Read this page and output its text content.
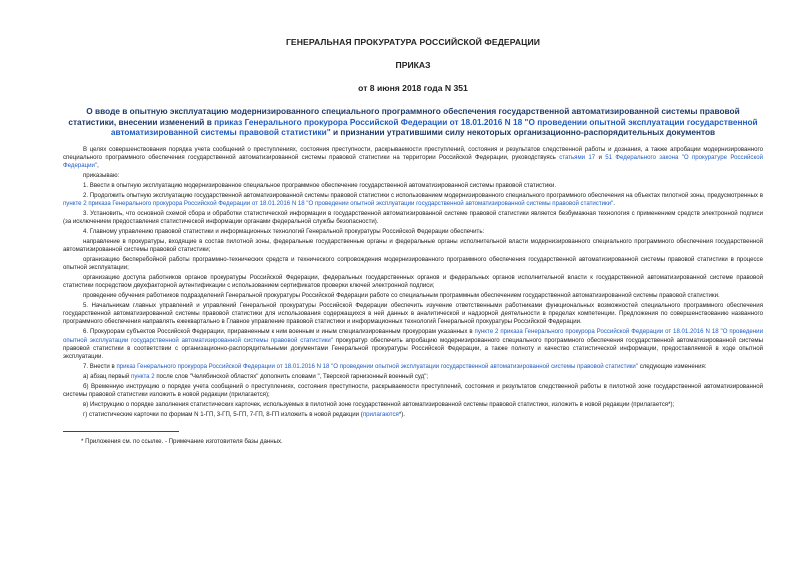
ГЕНЕРАЛЬНАЯ ПРОКУРАТУРА РОССИЙСКОЙ ФЕДЕРАЦИИ
ПРИКАЗ
от 8 июня 2018 года N 351
О вводе в опытную эксплуатацию модернизированного специального программного обеспечения государственной автоматизированной системы правовой статистики, внесении изменений в приказ Генерального прокурора Российской Федерации от 18.01.2016 N 18 "О проведении опытной эксплуатации государственной автоматизированной системы правовой статистики" и признании утратившими силу некоторых организационно-распорядительных документов

В целях совершенствования порядка учета сообщений о преступлениях, состояния преступности, раскрываемости преступлений, состояния и результатов следственной работы и дознания, а также апробации модернизированного специального программного обеспечения государственной автоматизированной системы правовой статистики на территории Российской Федерации, руководствуясь статьями 17 и 51 Федерального закона "О прокуратуре Российской Федерации",

приказываю:

1. Ввести в опытную эксплуатацию модернизированное специальное программное обеспечение государственной автоматизированной системы правовой статистики.

2. Продолжить опытную эксплуатацию государственной автоматизированной системы правовой статистики с использованием модернизированного специального программного обеспечения на объектах пилотной зоны, предусмотренных в пункте 2 приказа Генерального прокурора Российской Федерации от 18.01.2016 N 18 "О проведении опытной эксплуатации государственной автоматизированной системы правовой статистики".

3. Установить, что основной схемой сбора и обработки статистической информации в государственной автоматизированной системе правовой статистики является безбумажная технология с применением средств электронной подписи (за исключением предоставления статистической информации органами федеральной службы безопасности).

4. Главному управлению правовой статистики и информационных технологий Генеральной прокуратуры Российской Федерации обеспечить:

направление в прокуратуры, входящие в состав пилотной зоны, федеральные государственные органы и федеральные органы исполнительной власти модернизированного специального программного обеспечения государственной автоматизированной системы правовой статистики;

организацию бесперебойной работы программно-технических средств и технического сопровождения модернизированного программного обеспечения государственной автоматизированной системы правовой статистики в процессе опытной эксплуатации;

организацию доступа работников органов прокуратуры Российской Федерации, федеральных государственных органов и федеральных органов исполнительной власти к государственной автоматизированной системе правовой статистики посредством двухфакторной аутентификации с использованием сертификатов проверки ключей электронной подписи;

проведение обучения работников подразделений Генеральной прокуратуры Российской Федерации работе со специальным программным обеспечением государственной автоматизированной системы правовой статистики.

5. Начальникам главных управлений и управлений Генеральной прокуратуры Российской Федерации обеспечить изучение ответственными работниками функциональных возможностей специального программного обеспечения государственной автоматизированной системы правовой статистики для использования содержащихся в ней данных в аналитической и надзорной деятельности в пределах компетенции. Предложения по совершенствованию названного программного обеспечения направлять ежеквартально в Главное управление правовой статистики и информационных технологий Генеральной прокуратуры Российской Федерации.

6. Прокурорам субъектов Российской Федерации, приравненным к ним военным и иным специализированным прокурорам указанных в пункте 2 приказа Генерального прокурора Российской Федерации от 18.01.2016 N 18 "О проведении опытной эксплуатации государственной автоматизированной системы правовой статистики" прокуратур обеспечить апробацию модернизированного специального программного обеспечения государственной автоматизированной системы правовой статистики в соответствии с организационно-распорядительными документами Генеральной прокуратуры Российской Федерации, а также полноту и качество статистической информации, предоставляемой в ходе опытной эксплуатации.

7. Внести в приказ Генерального прокурора Российской Федерации от 18.01.2016 N 18 "О проведении опытной эксплуатации государственной автоматизированной системы правовой статистики" следующие изменения:

а) абзац первый пункта 2 после слов "Челябинской областях" дополнить словами ", Тверской гарнизонный военный суд";

б) Временную инструкцию о порядке учета сообщений о преступлениях, состояния преступности, раскрываемости преступлений, состояния и результатов следственной работы в пилотной зоне государственной автоматизированной системы правовой статистики изложить в новой редакции (прилагается);

в) Инструкцию о порядке заполнения статистических карточек, используемых в пилотной зоне государственной автоматизированной системы правовой статистики, изложить в новой редакции (прилагается*);

г) статистические карточки по формам N 1-ГП, 3-ГП, 5-ГП, 7-ГП, 8-ГП изложить в новой редакции (прилагаются*).

* Приложения см. по ссылке. - Примечание изготовителя базы данных.
